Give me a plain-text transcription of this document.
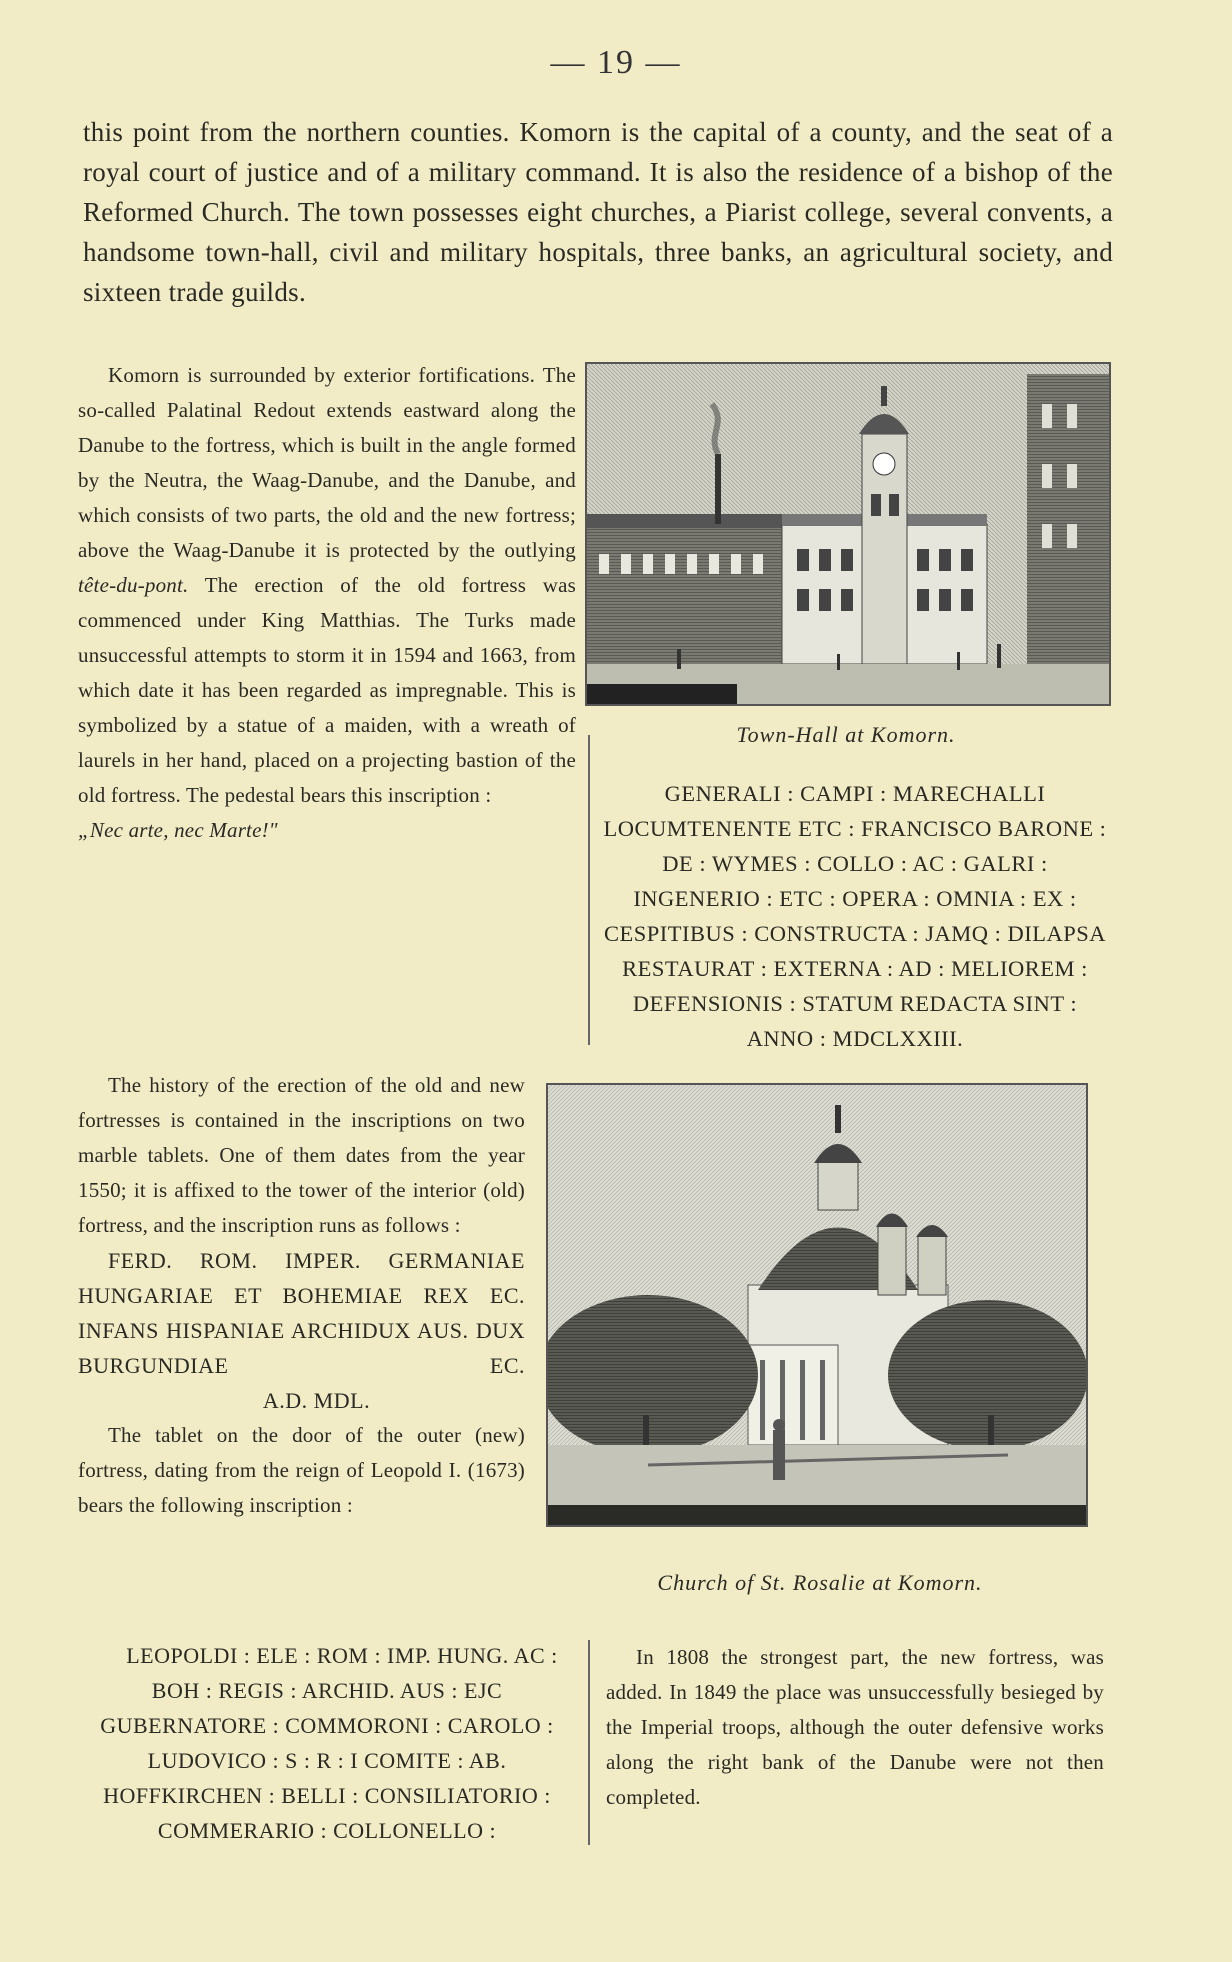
— 19 —
this point from the northern counties. Komorn is the capital of a county, and the seat of a royal court of justice and of a military command. It is also the residence of a bishop of the Reformed Church. The town possesses eight churches, a Piarist college, several convents, a handsome town-hall, civil and military hospitals, three banks, an agricultural society, and sixteen trade guilds.

Komorn is surrounded by exterior fortifications. The so-called Palatinal Redout extends eastward along the Danube to the fortress, which is built in the angle formed by the Neutra, the Waag-Danube, and the Danube, and which consists of two parts, the old and the new fortress; above the Waag-Danube it is protected by the outlying tête-du-pont. The erection of the old fortress was commenced under King Matthias. The Turks made unsuccessful attempts to storm it in 1594 and 1663, from which date it has been regarded as impregnable. This is symbolized by a statue of a maiden, with a wreath of laurels in her hand, placed on a projecting bastion of the old fortress. The pedestal bears this inscription :

„Nec arte, nec Marte!"

The history of the erection of the old and new fortresses is contained in the inscriptions on two marble tablets. One of them dates from the year 1550; it is affixed to the tower of the interior (old) fortress, and the inscription runs as follows :

FERD. ROM. IMPER. GERMANIAE HUNGARIAE ET BOHEMIAE REX EC. INFANS HISPANIAE ARCHIDUX AUS. DUX BURGUNDIAE EC.

A.D. MDL.

The tablet on the door of the outer (new) fortress, dating from the reign of Leopold I. (1673) bears the following inscription :

LEOPOLDI : ELE : ROM : IMP. HUNG. AC : BOH : REGIS : ARCHID. AUS : EJC GUBERNATORE : COMMORONI : CAROLO : LUDOVICO : S : R : I COMITE : AB. HOFFKIRCHEN : BELLI : CONSILIATORIO : COMMERARIO : COLLONELLO :

Town-Hall at Komorn.

GENERALI : CAMPI : MARECHALLI LOCUMTENENTE ETC : FRANCISCO BARONE : DE : WYMES : COLLO : AC : GALRI : INGENERIO : ETC : OPERA : OMNIA : EX : CESPITIBUS : CONSTRUCTA : JAMQ : DILAPSA RESTAURAT : EXTERNA : AD : MELIOREM : DEFENSIONIS : STATUM REDACTA SINT : ANNO : MDCLXXIII.

Church of St. Rosalie at Komorn.

In 1808 the strongest part, the new fortress, was added. In 1849 the place was unsuccessfully besieged by the Imperial troops, although the outer defensive works along the right bank of the Danube were not then completed.
